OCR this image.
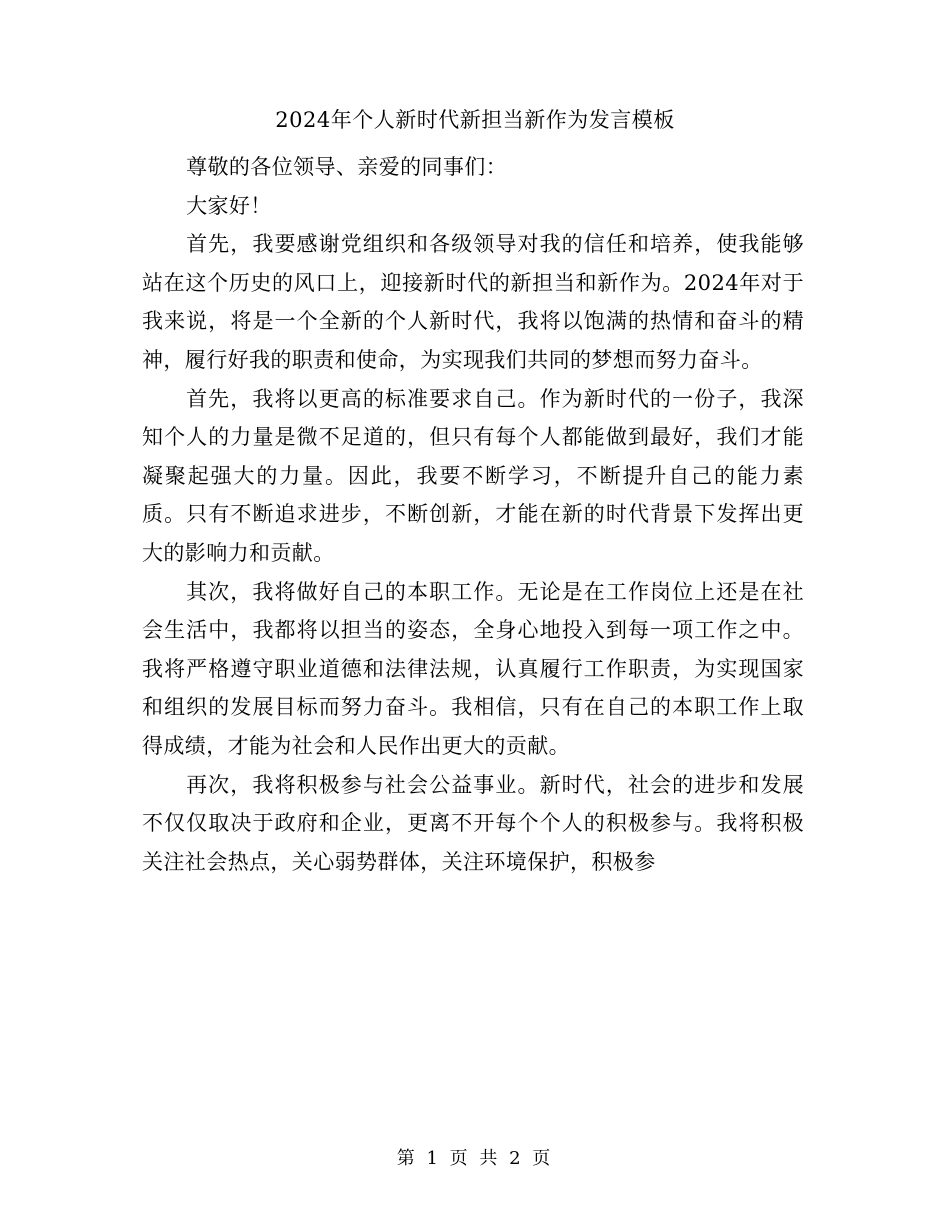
2024年个人新时代新担当新作为发言模板

尊敬的各位领导、亲爱的同事们：

大家好！

首先，我要感谢党组织和各级领导对我的信任和培养，使我能够站在这个历史的风口上，迎接新时代的新担当和新作为。2024年对于我来说，将是一个全新的个人新时代，我将以饱满的热情和奋斗的精神，履行好我的职责和使命，为实现我们共同的梦想而努力奋斗。

首先，我将以更高的标准要求自己。作为新时代的一份子，我深知个人的力量是微不足道的，但只有每个人都能做到最好，我们才能凝聚起强大的力量。因此，我要不断学习，不断提升自己的能力素质。只有不断追求进步，不断创新，才能在新的时代背景下发挥出更大的影响力和贡献。

其次，我将做好自己的本职工作。无论是在工作岗位上还是在社会生活中，我都将以担当的姿态，全身心地投入到每一项工作之中。我将严格遵守职业道德和法律法规，认真履行工作职责，为实现国家和组织的发展目标而努力奋斗。我相信，只有在自己的本职工作上取得成绩，才能为社会和人民作出更大的贡献。

再次，我将积极参与社会公益事业。新时代，社会的进步和发展不仅仅取决于政府和企业，更离不开每个个人的积极参与。我将积极关注社会热点，关心弱势群体，关注环境保护，积极参

第 1 页 共 2 页
